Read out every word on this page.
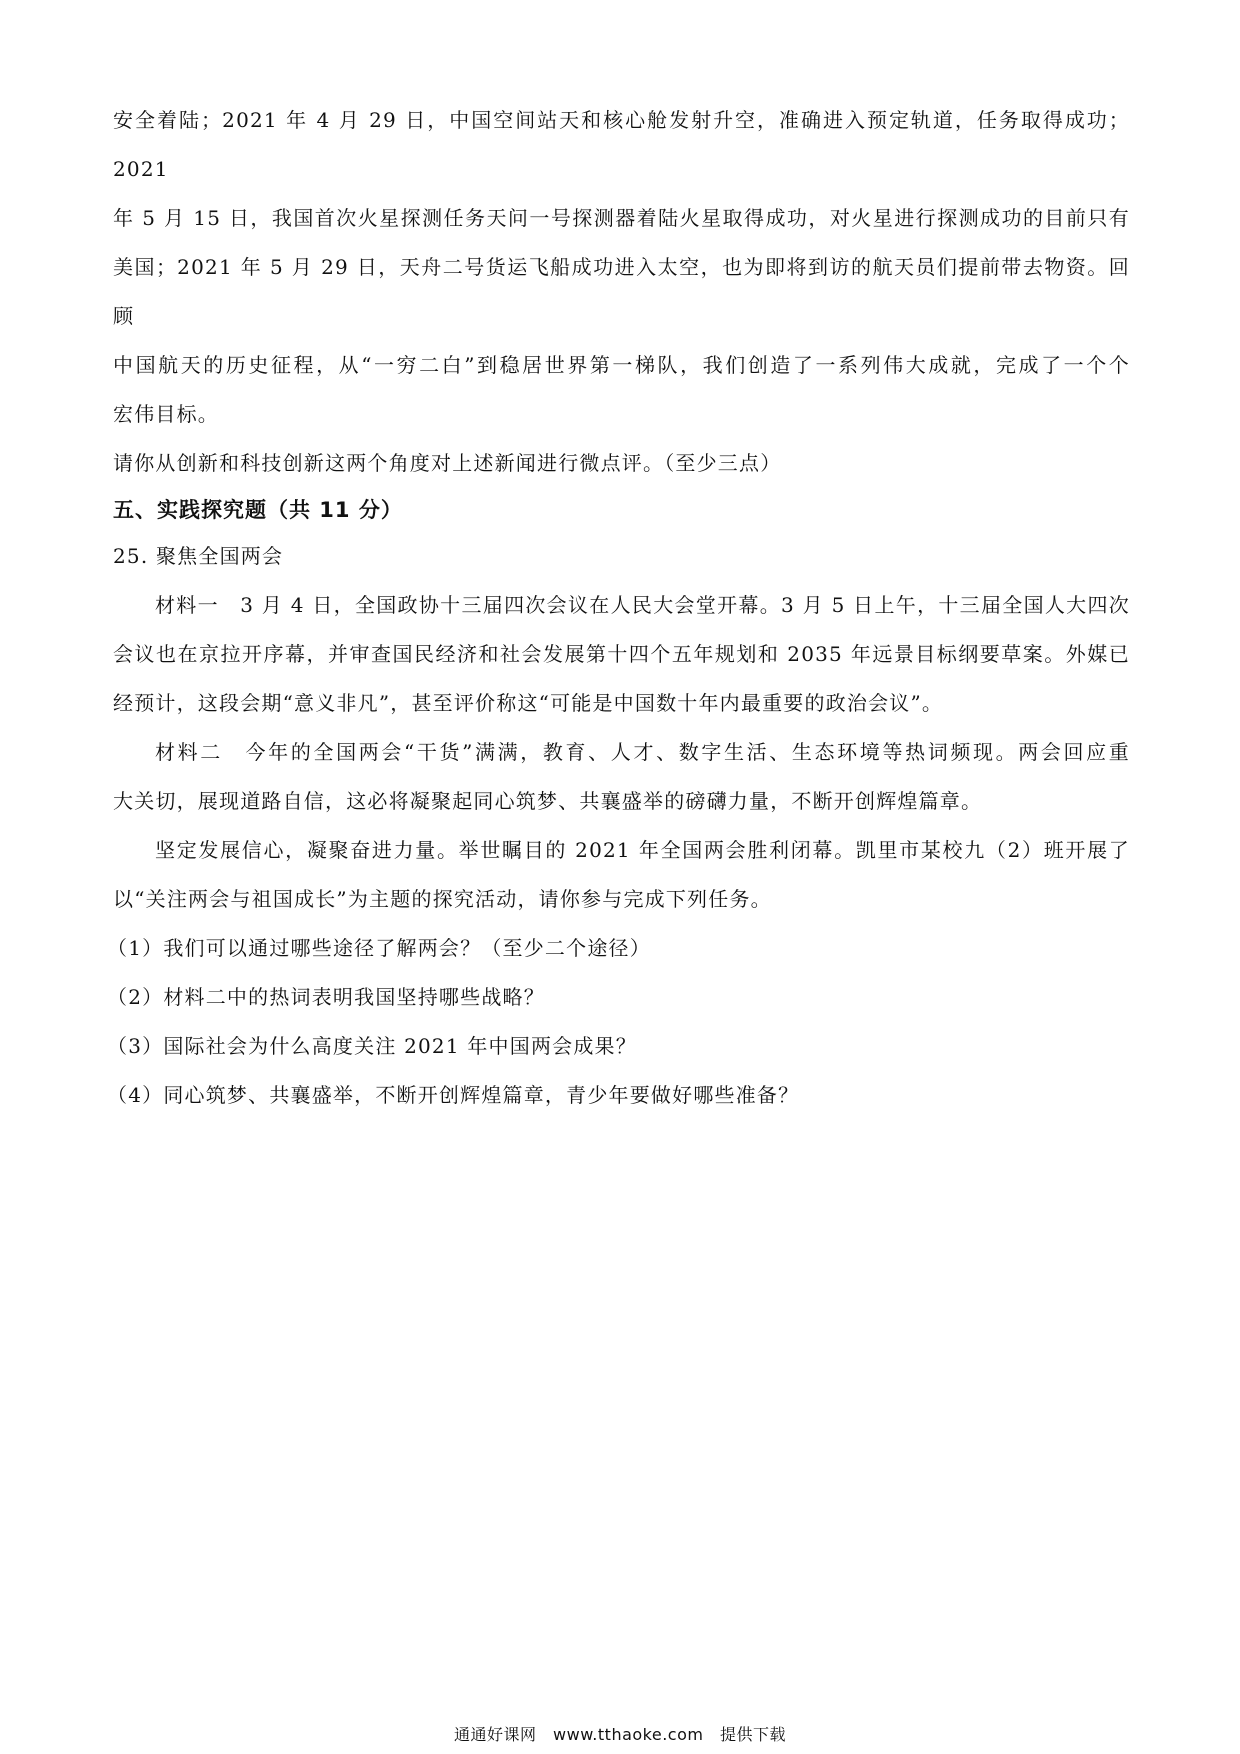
安全着陆；2021 年 4 月 29 日，中国空间站天和核心舱发射升空，准确进入预定轨道，任务取得成功；2021
年 5 月 15 日，我国首次火星探测任务天问一号探测器着陆火星取得成功，对火星进行探测成功的目前只有
美国；2021 年 5 月 29 日，天舟二号货运飞船成功进入太空，也为即将到访的航天员们提前带去物资。回顾
中国航天的历史征程，从“一穷二白”到稳居世界第一梯队，我们创造了一系列伟大成就，完成了一个个
宏伟目标。
请你从创新和科技创新这两个角度对上述新闻进行微点评。（至少三点）
五、实践探究题（共 11 分）
25. 聚焦全国两会
材料一　3 月 4 日，全国政协十三届四次会议在人民大会堂开幕。3 月 5 日上午，十三届全国人大四次
会议也在京拉开序幕，并审查国民经济和社会发展第十四个五年规划和 2035 年远景目标纲要草案。外媒已
经预计，这段会期“意义非凡”，甚至评价称这“可能是中国数十年内最重要的政治会议”。
材料二　今年的全国两会“干货”满满，教育、人才、数字生活、生态环境等热词频现。两会回应重
大关切，展现道路自信，这必将凝聚起同心筑梦、共襄盛举的磅礴力量，不断开创辉煌篇章。
坚定发展信心，凝聚奋进力量。举世瞩目的 2021 年全国两会胜利闭幕。凯里市某校九（2）班开展了
以“关注两会与祖国成长”为主题的探究活动，请你参与完成下列任务。
（1）我们可以通过哪些途径了解两会？（至少二个途径）
（2）材料二中的热词表明我国坚持哪些战略？
（3）国际社会为什么高度关注 2021 年中国两会成果？
（4）同心筑梦、共襄盛举，不断开创辉煌篇章，青少年要做好哪些准备？
通通好课网　www.tthaoke.com　提供下载
